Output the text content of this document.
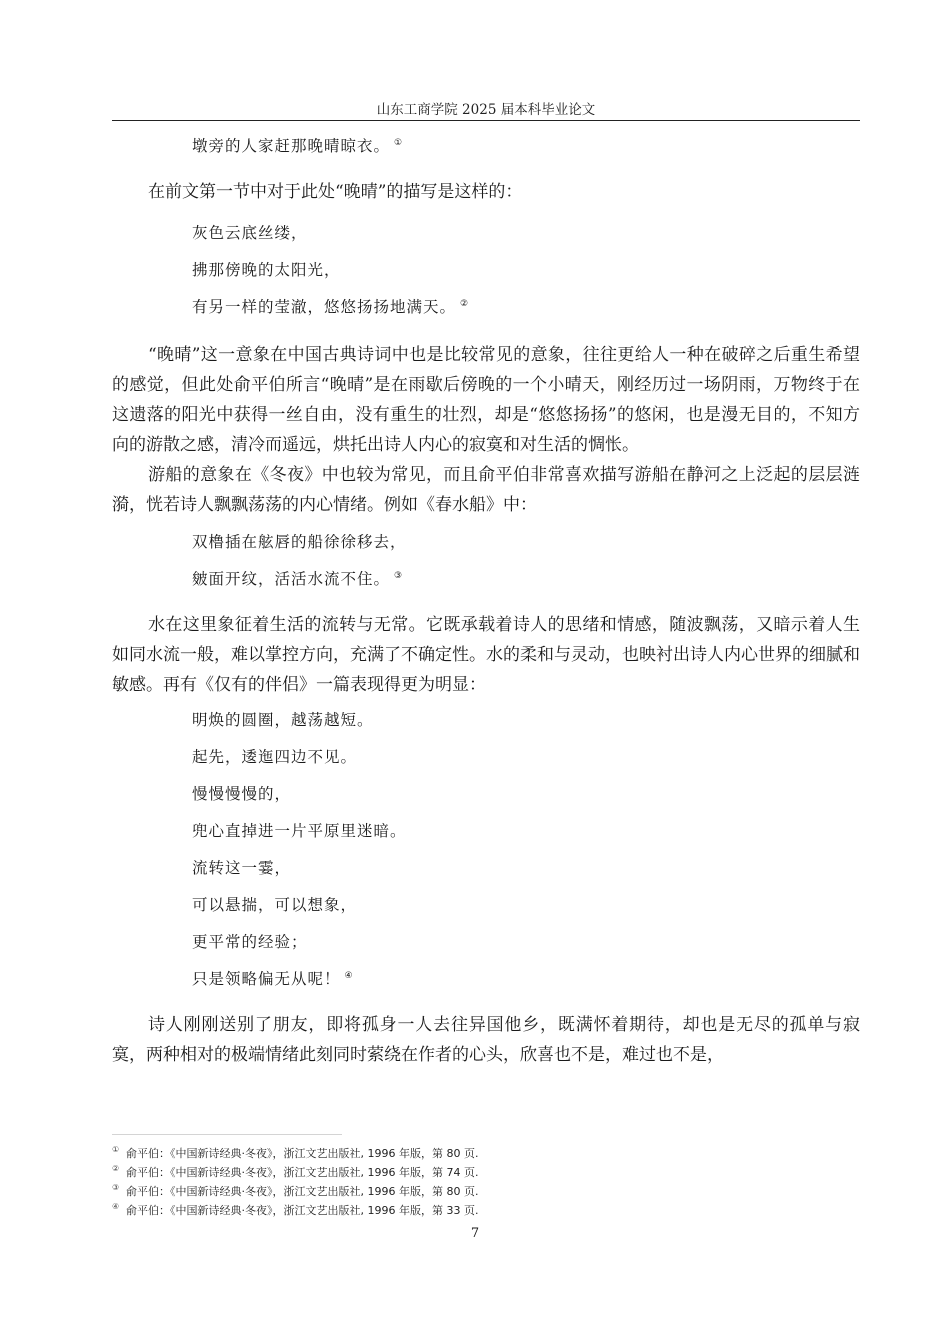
山东工商学院 2025 届本科毕业论文
墩旁的人家赶那晚晴晾衣。 ①

在前文第一节中对于此处“晚晴”的描写是这样的：

灰色云底丝缕，
拂那傍晚的太阳光，
有另一样的莹澈，悠悠扬扬地满天。 ②

“晚晴”这一意象在中国古典诗词中也是比较常见的意象，往往更给人一种在破碎之后重生希望的感觉，但此处俞平伯所言“晚晴”是在雨歇后傍晚的一个小晴天，刚经历过一场阴雨，万物终于在这遗落的阳光中获得一丝自由，没有重生的壮烈，却是“悠悠扬扬”的悠闲，也是漫无目的，不知方向的游散之感，清冷而遥远，烘托出诗人内心的寂寞和对生活的惆怅。

游船的意象在《冬夜》中也较为常见，而且俞平伯非常喜欢描写游船在静河之上泛起的层层涟漪，恍若诗人飘飘荡荡的内心情绪。例如《春水船》中：

双橹插在舷唇的船徐徐移去，
皴面开纹，活活水流不住。 ③

水在这里象征着生活的流转与无常。它既承载着诗人的思绪和情感，随波飘荡，又暗示着人生如同水流一般，难以掌控方向，充满了不确定性。水的柔和与灵动，也映衬出诗人内心世界的细腻和敏感。再有《仅有的伴侣》一篇表现得更为明显：

明焕的圆圈，越荡越短。
起先，逶迤四边不见。
慢慢慢慢的，
兜心直掉进一片平原里迷暗。
流转这一霎，
可以悬揣，可以想象，
更平常的经验；
只是领略偏无从呢！ ④

诗人刚刚送别了朋友，即将孤身一人去往异国他乡，既满怀着期待，却也是无尽的孤单与寂寞，两种相对的极端情绪此刻同时萦绕在作者的心头，欣喜也不是，难过也不是，

① 俞平伯：《中国新诗经典·冬夜》，浙江文艺出版社, 1996 年版，第 80 页.
② 俞平伯：《中国新诗经典·冬夜》，浙江文艺出版社, 1996 年版，第 74 页.
③ 俞平伯：《中国新诗经典·冬夜》，浙江文艺出版社, 1996 年版，第 80 页.
④ 俞平伯：《中国新诗经典·冬夜》，浙江文艺出版社, 1996 年版，第 33 页.
7
